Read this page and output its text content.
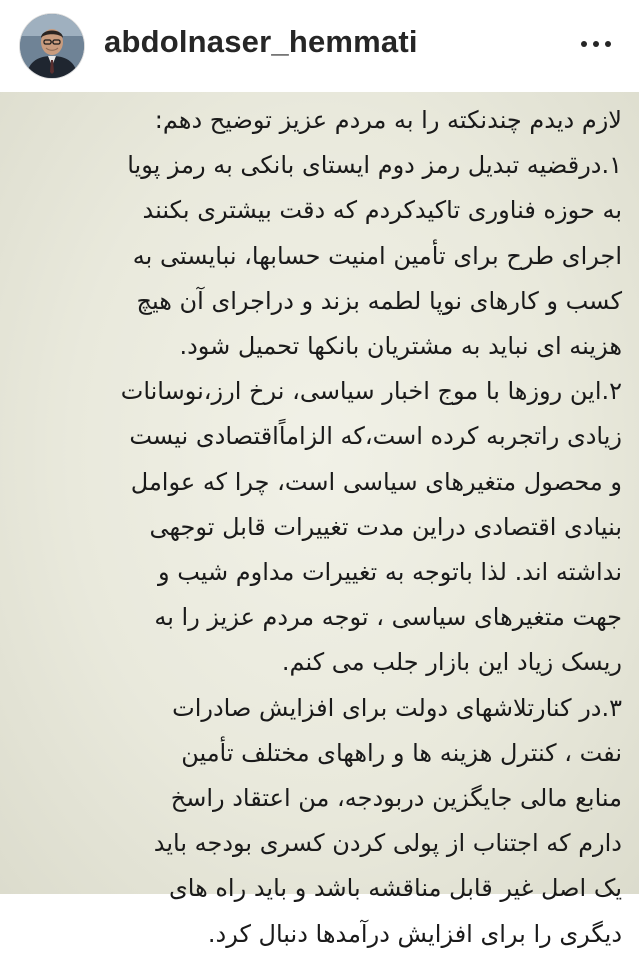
abdolnaser_hemmati

لازم دیدم چندنکته را به مردم عزیز توضیح دهم:

۱.درقضیه تبدیل رمز دوم ایستای بانکی به رمز پویا

به حوزه فناوری تاکیدکردم که دقت بیشتری بکنند

اجرای طرح برای تأمین امنیت حسابها، نبایستی به

کسب و کارهای نوپا لطمه بزند و دراجرای آن هیچ

هزینه ای نباید به مشتریان بانکها تحمیل شود.

۲.این روزها با موج اخبار سیاسی، نرخ ارز،نوسانات

زیادی راتجربه کرده است،که الزاماًاقتصادی نیست

و محصول متغیرهای سیاسی است، چرا که عوامل

بنیادی اقتصادی دراین مدت تغییرات قابل توجهی

نداشته اند. لذا باتوجه به تغییرات مداوم شیب و

جهت متغیرهای سیاسی ، توجه مردم عزیز را به

ریسک زیاد این بازار جلب می کنم.

۳.در کنارتلاشهای دولت برای افزایش صادرات

نفت ، کنترل هزینه ها و راههای مختلف تأمین

منابع مالی جایگزین دربودجه، من اعتقاد راسخ

دارم که اجتناب از پولی کردن کسری بودجه باید

یک اصل غیر قابل مناقشه باشد و باید راه های

دیگری را برای افزایش درآمدها دنبال کرد.
